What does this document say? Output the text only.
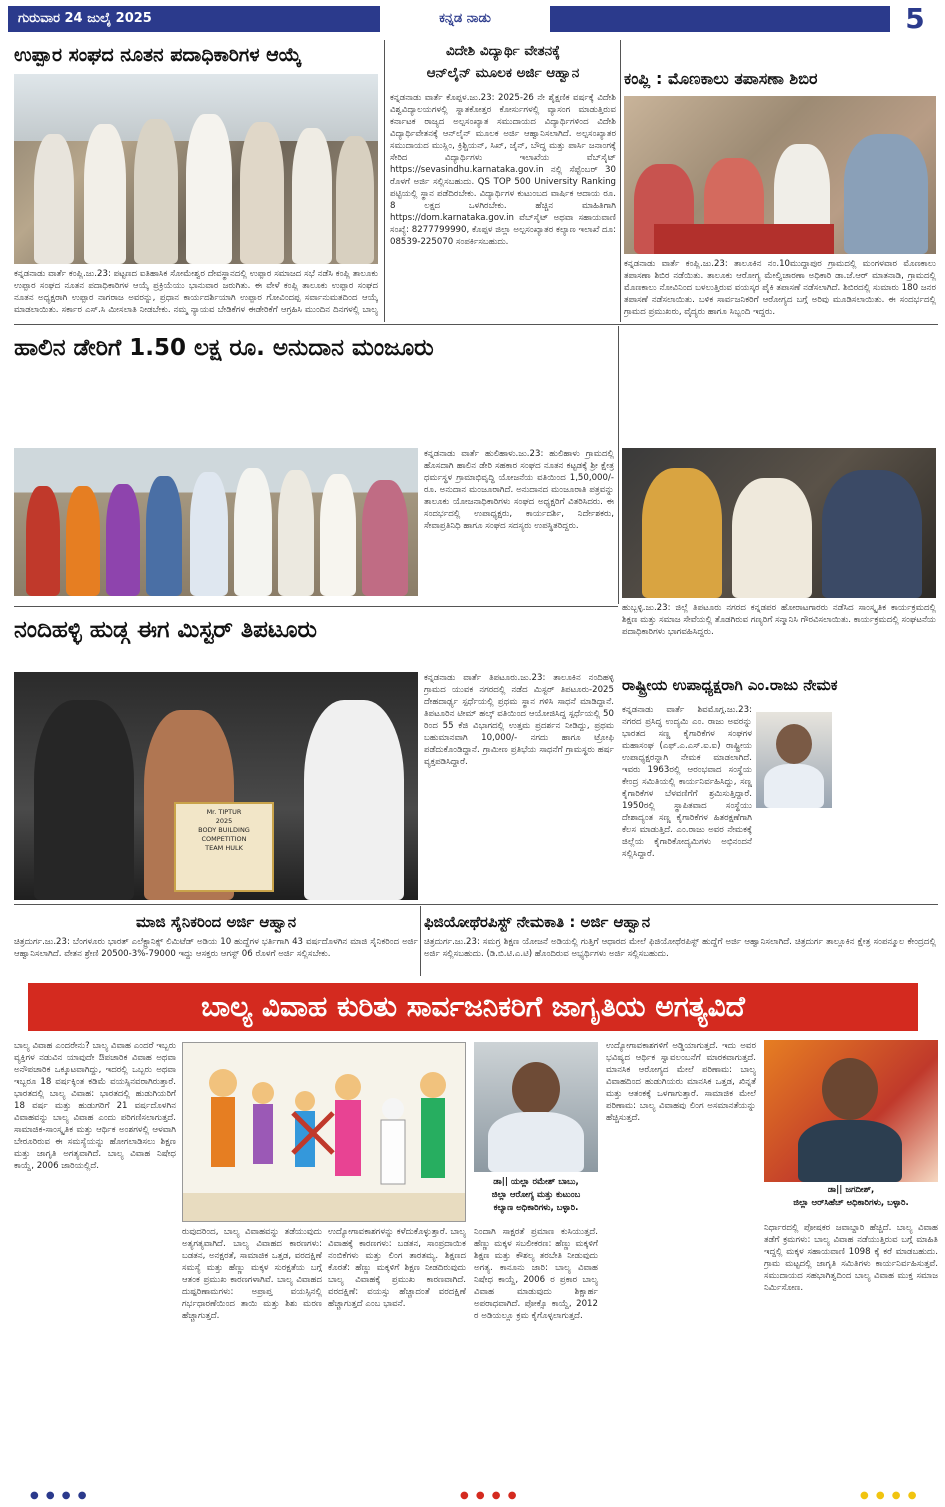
ಗುರುವಾರ 24 ಜುಲೈ 2025	ಕನ್ನಡ ನಾಡು	5
ಉಪ್ಪಾರ ಸಂಘದ ನೂತನ ಪದಾಧಿಕಾರಿಗಳ ಆಯ್ಕೆ
ಕನ್ನಡನಾಡು ವಾರ್ತೆ ಕಂಪ್ಲಿ.ಜು.23: ಪಟ್ಟಣದ ಐತಿಹಾಸಿಕ ಸೋಮೇಶ್ವರ ದೇವಸ್ಥಾನದಲ್ಲಿ ಉಪ್ಪಾರ ಸಮಾಜದ ಸಭೆ ನಡೆಸಿ ಕಂಪ್ಲಿ ತಾಲೂಕು ಉಪ್ಪಾರ ಸಂಘದ ನೂತನ ಪದಾಧಿಕಾರಿಗಳ ಆಯ್ಕೆ ಪ್ರಕ್ರಿಯೆಯು ಭಾನುವಾರ ಜರುಗಿತು. ಈ ವೇಳೆ ಕಂಪ್ಲಿ ತಾಲೂಕು ಉಪ್ಪಾರ ಸಂಘದ ನೂತನ ಅಧ್ಯಕ್ಷರಾಗಿ ಉಪ್ಪಾರ ನಾಗರಾಜ ಅವರನ್ನು, ಪ್ರಧಾನ ಕಾರ್ಯದರ್ಶಿಯಾಗಿ ಉಪ್ಪಾರ ಗೋವಿಂದಪ್ಪ ಸರ್ವಾನುಮತದಿಂದ ಆಯ್ಕೆ ಮಾಡಲಾಯಿತು. ಸರ್ಕಾರ ಎಸ್.ಸಿ ಮೀಸಲಾತಿ ನೀಡಬೇಕು. ನಮ್ಮ ನ್ಯಾಯವ ಬೇಡಿಕೆಗಳ ಈಡೇರಿಕೆಗೆ ಆಗ್ರಹಿಸಿ ಮುಂದಿನ ದಿನಗಳಲ್ಲಿ ಬಾಲ್ಯ
ವಿದೇಶಿ ವಿದ್ಯಾರ್ಥಿ ವೇತನಕ್ಕೆ
ಆನ್‌ಲೈನ್ ಮೂಲಕ ಅರ್ಜಿ ಆಹ್ವಾನ
ಕನ್ನಡನಾಡು ವಾರ್ತೆ ಕೊಪ್ಪಳ.ಜು.23: 2025-26 ನೇ ಶೈಕ್ಷಣಿಕ ವರ್ಷಕ್ಕೆ ವಿದೇಶಿ ವಿಶ್ವವಿದ್ಯಾಲಯಗಳಲ್ಲಿ ಸ್ನಾತಕೋತ್ತರ ಕೋರ್ಸುಗಳಲ್ಲಿ ವ್ಯಾಸಂಗ ಮಾಡುತ್ತಿರುವ ಕರ್ನಾಟಕ ರಾಜ್ಯದ ಅಲ್ಪಸಂಖ್ಯಾತ ಸಮುದಾಯದ ವಿದ್ಯಾರ್ಥಿಗಳಿಂದ ವಿದೇಶಿ ವಿದ್ಯಾರ್ಥಿವೇತನಕ್ಕೆ ಆನ್‌ಲೈನ್ ಮೂಲಕ ಅರ್ಜಿ ಆಹ್ವಾನಿಸಲಾಗಿದೆ. ಅಲ್ಪಸಂಖ್ಯಾತರ ಸಮುದಾಯದ ಮುಸ್ಲಿಂ, ಕ್ರಿಶ್ಚಿಯನ್, ಸಿಖ್, ಜೈನ್, ಬೌದ್ಧ ಮತ್ತು ಪಾರ್ಸಿ ಜನಾಂಗಕ್ಕೆ ಸೇರಿದ ವಿದ್ಯಾರ್ಥಿಗಳು ಇಲಾಖೆಯ ವೆಬ್‌ಸೈಟ್ https://sevasindhu.karnataka.gov.in ನಲ್ಲಿ ಸೆಪ್ಟೆಂಬರ್ 30 ರೊಳಗೆ ಅರ್ಜಿ ಸಲ್ಲಿಸಬಹುದು. QS TOP 500 University Ranking ಪಟ್ಟಿಯಲ್ಲಿ ಸ್ಥಾನ ಪಡೆದಿರಬೇಕು. ವಿದ್ಯಾರ್ಥಿಗಳ ಕುಟುಂಬದ ವಾರ್ಷಿಕ ಆದಾಯ ರೂ. 8 ಲಕ್ಷದ ಒಳಗಿರಬೇಕು. ಹೆಚ್ಚಿನ ಮಾಹಿತಿಗಾಗಿ https://dom.karnataka.gov.in ವೆಬ್‌ಸೈಟ್ ಅಥವಾ ಸಹಾಯವಾಣಿ ಸಂಖ್ಯೆ: 8277799990, ಕೊಪ್ಪಳ ಜಿಲ್ಲಾ ಅಲ್ಪಸಂಖ್ಯಾತರ ಕಲ್ಯಾಣ ಇಲಾಖೆ ದೂ: 08539-225070 ಸಂಪರ್ಕಿಸಬಹುದು.
ಕಂಪ್ಲಿ : ಮೊಣಕಾಲು ತಪಾಸಣಾ ಶಿಬಿರ
ಕನ್ನಡನಾಡು ವಾರ್ತೆ ಕಂಪ್ಲಿ.ಜು.23: ತಾಲೂಕಿನ ನಂ.10ಮುದ್ದಾಪುರ ಗ್ರಾಮದಲ್ಲಿ ಮಂಗಳವಾರ ಮೊಣಕಾಲು ತಪಾಸಣಾ ಶಿಬಿರ ನಡೆಯಿತು. ತಾಲೂಕು ಆರೋಗ್ಯ ಮೇಲ್ವಿಚಾರಣಾ ಅಧಿಕಾರಿ ಡಾ.ಜೆ.ಆರ್ ಮಾತನಾಡಿ, ಗ್ರಾಮದಲ್ಲಿ ಮೊಣಕಾಲು ನೋವಿನಿಂದ ಬಳಲುತ್ತಿರುವ ವಯಸ್ಕರ ಪೈಕಿ ತಪಾಸಣೆ ನಡೆಸಲಾಗಿದೆ. ಶಿಬಿರದಲ್ಲಿ ಸುಮಾರು 180 ಜನರ ತಪಾಸಣೆ ನಡೆಸಲಾಯಿತು. ಬಳಿಕ ಸಾರ್ವಜನಿಕರಿಗೆ ಆರೋಗ್ಯದ ಬಗ್ಗೆ ಅರಿವು ಮೂಡಿಸಲಾಯಿತು. ಈ ಸಂದರ್ಭದಲ್ಲಿ ಗ್ರಾಮದ ಪ್ರಮುಖರು, ವೈದ್ಯರು ಹಾಗೂ ಸಿಬ್ಬಂದಿ ಇದ್ದರು.
ಹಾಲಿನ ಡೇರಿಗೆ 1.50 ಲಕ್ಷ ರೂ. ಅನುದಾನ ಮಂಜೂರು
ಕನ್ನಡನಾಡು ವಾರ್ತೆ ಹುಲಿಹಾಳು.ಜು.23: ಹುಲಿಹಾಳು ಗ್ರಾಮದಲ್ಲಿ ಹೊಸದಾಗಿ ಹಾಲಿನ ಡೇರಿ ಸಹಕಾರ ಸಂಘದ ನೂತನ ಕಟ್ಟಡಕ್ಕೆ ಶ್ರೀ ಕ್ಷೇತ್ರ ಧರ್ಮಸ್ಥಳ ಗ್ರಾಮಾಭಿವೃದ್ಧಿ ಯೋಜನೆಯ ವತಿಯಿಂದ 1,50,000/- ರೂ. ಅನುದಾನ ಮಂಜೂರಾಗಿದೆ. ಅನುದಾನದ ಮಂಜೂರಾತಿ ಪತ್ರವನ್ನು ತಾಲೂಕು ಯೋಜನಾಧಿಕಾರಿಗಳು ಸಂಘದ ಅಧ್ಯಕ್ಷರಿಗೆ ವಿತರಿಸಿದರು. ಈ ಸಂದರ್ಭದಲ್ಲಿ ಉಪಾಧ್ಯಕ್ಷರು, ಕಾರ್ಯದರ್ಶಿ, ನಿರ್ದೇಶಕರು, ಸೇವಾಪ್ರತಿನಿಧಿ ಹಾಗೂ ಸಂಘದ ಸದಸ್ಯರು ಉಪಸ್ಥಿತರಿದ್ದರು.
ಹುಬ್ಬಳ್ಳಿ.ಜು.23: ಜಿಲ್ಲೆ ತಿಪಟೂರು ನಗರದ ಕನ್ನಡಪರ ಹೋರಾಟಗಾರರು ನಡೆಸಿದ ಸಾಂಸ್ಕೃತಿಕ ಕಾರ್ಯಕ್ರಮದಲ್ಲಿ ಶಿಕ್ಷಣ ಮತ್ತು ಸಮಾಜ ಸೇವೆಯಲ್ಲಿ ತೊಡಗಿರುವ ಗಣ್ಯರಿಗೆ ಸನ್ಮಾನಿಸಿ ಗೌರವಿಸಲಾಯಿತು. ಕಾರ್ಯಕ್ರಮದಲ್ಲಿ ಸಂಘಟನೆಯ ಪದಾಧಿಕಾರಿಗಳು ಭಾಗವಹಿಸಿದ್ದರು.
ನಂದಿಹಳ್ಳಿ ಹುಡ್ಗ ಈಗ ಮಿಸ್ಟರ್ ತಿಪಟೂರು
Mr. TIPTUR
2025
BODY BUILDING COMPETITION
TEAM HULK
ಕನ್ನಡನಾಡು ವಾರ್ತೆ ತಿಪಟೂರು.ಜು.23: ತಾಲೂಕಿನ ನಂದಿಹಳ್ಳಿ ಗ್ರಾಮದ ಯುವಕ ನಗರದಲ್ಲಿ ನಡೆದ ಮಿಸ್ಟರ್ ತಿಪಟೂರು-2025 ದೇಹದಾರ್ಢ್ಯ ಸ್ಪರ್ಧೆಯಲ್ಲಿ ಪ್ರಥಮ ಸ್ಥಾನ ಗಳಿಸಿ ಸಾಧನೆ ಮಾಡಿದ್ದಾನೆ. ತಿಪಟೂರಿನ ಟೀಮ್ ಹಲ್ಕ್ ವತಿಯಿಂದ ಆಯೋಜಿಸಿದ್ದ ಸ್ಪರ್ಧೆಯಲ್ಲಿ 50 ರಿಂದ 55 ಕೆಜಿ ವಿಭಾಗದಲ್ಲಿ ಉತ್ತಮ ಪ್ರದರ್ಶನ ನೀಡಿದ್ದು, ಪ್ರಥಮ ಬಹುಮಾನವಾಗಿ 10,000/- ನಗದು ಹಾಗೂ ಟ್ರೋಫಿ ಪಡೆದುಕೊಂಡಿದ್ದಾನೆ. ಗ್ರಾಮೀಣ ಪ್ರತಿಭೆಯ ಸಾಧನೆಗೆ ಗ್ರಾಮಸ್ಥರು ಹರ್ಷ ವ್ಯಕ್ತಪಡಿಸಿದ್ದಾರೆ.
ರಾಷ್ಟ್ರೀಯ ಉಪಾಧ್ಯಕ್ಷರಾಗಿ ಎಂ.ರಾಜು ನೇಮಕ
ಕನ್ನಡನಾಡು ವಾರ್ತೆ ಶಿವಮೊಗ್ಗ.ಜು.23: ನಗರದ ಪ್ರಸಿದ್ಧ ಉದ್ಯಮಿ ಎಂ. ರಾಜು ಅವರನ್ನು ಭಾರತದ ಸಣ್ಣ ಕೈಗಾರಿಕೆಗಳ ಸಂಘಗಳ ಮಹಾಸಂಘ (ಎಫ್.ಎ.ಎಸ್.ಐ.ಐ) ರಾಷ್ಟ್ರೀಯ ಉಪಾಧ್ಯಕ್ಷರನ್ನಾಗಿ ನೇಮಕ ಮಾಡಲಾಗಿದೆ. ಇವರು 1963ರಲ್ಲಿ ಆರಂಭವಾದ ಸಂಸ್ಥೆಯ ಕೇಂದ್ರ ಸಮಿತಿಯಲ್ಲಿ ಕಾರ್ಯನಿರ್ವಹಿಸಿದ್ದು, ಸಣ್ಣ ಕೈಗಾರಿಕೆಗಳ ಬೆಳವಣಿಗೆಗೆ ಶ್ರಮಿಸುತ್ತಿದ್ದಾರೆ. 1950ರಲ್ಲಿ ಸ್ಥಾಪಿತವಾದ ಸಂಸ್ಥೆಯು ದೇಶಾದ್ಯಂತ ಸಣ್ಣ ಕೈಗಾರಿಕೆಗಳ ಹಿತರಕ್ಷಣೆಗಾಗಿ ಕೆಲಸ ಮಾಡುತ್ತಿದೆ. ಎಂ.ರಾಜು ಅವರ ನೇಮಕಕ್ಕೆ ಜಿಲ್ಲೆಯ ಕೈಗಾರಿಕೋದ್ಯಮಿಗಳು ಅಭಿನಂದನೆ ಸಲ್ಲಿಸಿದ್ದಾರೆ.
ಮಾಜಿ ಸೈನಿಕರಿಂದ ಅರ್ಜಿ ಆಹ್ವಾನ
ಚಿತ್ರದುರ್ಗ.ಜು.23: ಬೆಂಗಳೂರು ಭಾರತ್ ಎಲೆಕ್ಟ್ರಾನಿಕ್ಸ್ ಲಿಮಿಟೆಡ್ ಅಡಿಯ 10 ಹುದ್ದೆಗಳ ಭರ್ತಿಗಾಗಿ 43 ವರ್ಷದೊಳಗಿನ ಮಾಜಿ ಸೈನಿಕರಿಂದ ಅರ್ಜಿ ಆಹ್ವಾನಿಸಲಾಗಿದೆ. ವೇತನ ಶ್ರೇಣಿ 20500-3%-79000 ಇದ್ದು ಆಸಕ್ತರು ಆಗಸ್ಟ್ 06 ರೊಳಗೆ ಅರ್ಜಿ ಸಲ್ಲಿಸಬೇಕು.
ಫಿಜಿಯೋಥೆರಪಿಸ್ಟ್ ನೇಮಕಾತಿ : ಅರ್ಜಿ ಆಹ್ವಾನ
ಚಿತ್ರದುರ್ಗ.ಜು.23: ಸಮಗ್ರ ಶಿಕ್ಷಣ ಯೋಜನೆ ಅಡಿಯಲ್ಲಿ ಗುತ್ತಿಗೆ ಆಧಾರದ ಮೇಲೆ ಫಿಜಿಯೋಥೆರಪಿಸ್ಟ್ ಹುದ್ದೆಗೆ ಅರ್ಜಿ ಆಹ್ವಾನಿಸಲಾಗಿದೆ. ಚಿತ್ರದುರ್ಗ ತಾಲ್ಲೂಕಿನ ಕ್ಷೇತ್ರ ಸಂಪನ್ಮೂಲ ಕೇಂದ್ರದಲ್ಲಿ ಅರ್ಜಿ ಸಲ್ಲಿಸಬಹುದು. (ಡಿ.ಬಿ.ಟಿ.ಎ.ಟಿ) ಹೊಂದಿರುವ ಅಭ್ಯರ್ಥಿಗಳು ಅರ್ಜಿ ಸಲ್ಲಿಸಬಹುದು.
ಬಾಲ್ಯ ವಿವಾಹ ಕುರಿತು ಸಾರ್ವಜನಿಕರಿಗೆ ಜಾಗೃತಿಯ ಅಗತ್ಯವಿದೆ
ಬಾಲ್ಯ ವಿವಾಹ ಎಂದರೇನು? ಬಾಲ್ಯ ವಿವಾಹ ಎಂದರೆ ಇಬ್ಬರು ವ್ಯಕ್ತಿಗಳ ನಡುವಿನ ಯಾವುದೇ ಔಪಚಾರಿಕ ವಿವಾಹ ಅಥವಾ ಅನೌಪಚಾರಿಕ ಒಕ್ಕೂಟವಾಗಿದ್ದು, ಇದರಲ್ಲಿ ಒಬ್ಬರು ಅಥವಾ ಇಬ್ಬರೂ 18 ವರ್ಷಕ್ಕಿಂತ ಕಡಿಮೆ ವಯಸ್ಸಿನವರಾಗಿರುತ್ತಾರೆ. ಭಾರತದಲ್ಲಿ ಬಾಲ್ಯ ವಿವಾಹ: ಭಾರತದಲ್ಲಿ ಹುಡುಗಿಯರಿಗೆ 18 ವರ್ಷ ಮತ್ತು ಹುಡುಗರಿಗೆ 21 ವರ್ಷದೊಳಗಿನ ವಿವಾಹವನ್ನು ಬಾಲ್ಯ ವಿವಾಹ ಎಂದು ಪರಿಗಣಿಸಲಾಗುತ್ತದೆ. ಸಾಮಾಜಿಕ-ಸಾಂಸ್ಕೃತಿಕ ಮತ್ತು ಆರ್ಥಿಕ ಅಂಶಗಳಲ್ಲಿ ಆಳವಾಗಿ ಬೇರೂರಿರುವ ಈ ಸಮಸ್ಯೆಯನ್ನು ಹೋಗಲಾಡಿಸಲು ಶಿಕ್ಷಣ ಮತ್ತು ಜಾಗೃತಿ ಅಗತ್ಯವಾಗಿದೆ. ಬಾಲ್ಯ ವಿವಾಹ ನಿಷೇಧ ಕಾಯ್ದೆ, 2006 ಜಾರಿಯಲ್ಲಿದೆ.
ಡಾ|| ಯಲ್ಲಾ ರಮೇಶ್ ಬಾಬು,
ಜಿಲ್ಲಾ ಆರೋಗ್ಯ ಮತ್ತು ಕುಟುಂಬ
ಕಲ್ಯಾಣ ಅಧಿಕಾರಿಗಳು, ಬಳ್ಳಾರಿ.
ಉದ್ಯೋಗಾವಕಾಶಗಳಿಗೆ ಅಡ್ಡಿಯಾಗುತ್ತದೆ. ಇದು ಅವರ ಭವಿಷ್ಯದ ಆರ್ಥಿಕ ಸ್ವಾವಲಂಬನೆಗೆ ಮಾರಕವಾಗುತ್ತದೆ. ಮಾನಸಿಕ ಆರೋಗ್ಯದ ಮೇಲೆ ಪರಿಣಾಮ: ಬಾಲ್ಯ ವಿವಾಹದಿಂದ ಹುಡುಗಿಯರು ಮಾನಸಿಕ ಒತ್ತಡ, ಖಿನ್ನತೆ ಮತ್ತು ಆತಂಕಕ್ಕೆ ಒಳಗಾಗುತ್ತಾರೆ. ಸಾಮಾಜಿಕ ಮೇಲೆ ಪರಿಣಾಮ: ಬಾಲ್ಯ ವಿವಾಹವು ಲಿಂಗ ಅಸಮಾನತೆಯನ್ನು ಹೆಚ್ಚಿಸುತ್ತದೆ.
ಡಾ|| ಜಗದೀಶ್,
ಜಿಲ್ಲಾ ಆರ್‌ಸಿಹೆಚ್ ಅಧಿಕಾರಿಗಳು, ಬಳ್ಳಾರಿ.
ರುವುದರಿಂದ, ಬಾಲ್ಯ ವಿವಾಹವನ್ನು ತಡೆಯುವುದು ಅತ್ಯಗತ್ಯವಾಗಿದೆ. ಬಾಲ್ಯ ವಿವಾಹದ ಕಾರಣಗಳು: ಬಡತನ, ಅನಕ್ಷರತೆ, ಸಾಮಾಜಿಕ ಒತ್ತಡ, ವರದಕ್ಷಿಣೆ ಸಮಸ್ಯೆ ಮತ್ತು ಹೆಣ್ಣು ಮಕ್ಕಳ ಸುರಕ್ಷತೆಯ ಬಗ್ಗೆ ಆತಂಕ ಪ್ರಮುಖ ಕಾರಣಗಳಾಗಿವೆ. ಬಾಲ್ಯ ವಿವಾಹದ ದುಷ್ಪರಿಣಾಮಗಳು: ಅಪ್ರಾಪ್ತ ವಯಸ್ಸಿನಲ್ಲಿ ಗರ್ಭಧಾರಣೆಯಿಂದ ತಾಯಿ ಮತ್ತು ಶಿಶು ಮರಣ ಹೆಚ್ಚಾಗುತ್ತದೆ.
ಉದ್ಯೋಗಾವಕಾಶಗಳನ್ನು ಕಳೆದುಕೊಳ್ಳುತ್ತಾರೆ. ಬಾಲ್ಯ ವಿವಾಹಕ್ಕೆ ಕಾರಣಗಳು: ಬಡತನ, ಸಾಂಪ್ರದಾಯಿಕ ನಂಬಿಕೆಗಳು ಮತ್ತು ಲಿಂಗ ತಾರತಮ್ಯ. ಶಿಕ್ಷಣದ ಕೊರತೆ: ಹೆಣ್ಣು ಮಕ್ಕಳಿಗೆ ಶಿಕ್ಷಣ ನೀಡದಿರುವುದು ಬಾಲ್ಯ ವಿವಾಹಕ್ಕೆ ಪ್ರಮುಖ ಕಾರಣವಾಗಿದೆ. ವರದಕ್ಷಿಣೆ: ವಯಸ್ಸು ಹೆಚ್ಚಾದಂತೆ ವರದಕ್ಷಿಣೆ ಹೆಚ್ಚಾಗುತ್ತದೆ ಎಂಬ ಭಾವನೆ.
ನಿಂದಾಗಿ ಸಾಕ್ಷರತೆ ಪ್ರಮಾಣ ಕುಸಿಯುತ್ತದೆ. ಹೆಣ್ಣು ಮಕ್ಕಳ ಸಬಲೀಕರಣ: ಹೆಣ್ಣು ಮಕ್ಕಳಿಗೆ ಶಿಕ್ಷಣ ಮತ್ತು ಕೌಶಲ್ಯ ತರಬೇತಿ ನೀಡುವುದು ಅಗತ್ಯ. ಕಾನೂನು ಜಾರಿ: ಬಾಲ್ಯ ವಿವಾಹ ನಿಷೇಧ ಕಾಯ್ದೆ, 2006 ರ ಪ್ರಕಾರ ಬಾಲ್ಯ ವಿವಾಹ ಮಾಡುವುದು ಶಿಕ್ಷಾರ್ಹ ಅಪರಾಧವಾಗಿದೆ. ಪೋಕ್ಸೊ ಕಾಯ್ದೆ, 2012 ರ ಅಡಿಯಲ್ಲೂ ಕ್ರಮ ಕೈಗೊಳ್ಳಲಾಗುತ್ತದೆ.
ನಿರ್ಧಾರದಲ್ಲಿ ಪೋಷಕರ ಜವಾಬ್ದಾರಿ ಹೆಚ್ಚಿದೆ. ಬಾಲ್ಯ ವಿವಾಹ ತಡೆಗೆ ಕ್ರಮಗಳು: ಬಾಲ್ಯ ವಿವಾಹ ನಡೆಯುತ್ತಿರುವ ಬಗ್ಗೆ ಮಾಹಿತಿ ಇದ್ದಲ್ಲಿ ಮಕ್ಕಳ ಸಹಾಯವಾಣಿ 1098 ಕ್ಕೆ ಕರೆ ಮಾಡಬಹುದು. ಗ್ರಾಮ ಮಟ್ಟದಲ್ಲಿ ಜಾಗೃತಿ ಸಮಿತಿಗಳು ಕಾರ್ಯನಿರ್ವಹಿಸುತ್ತವೆ. ಸಮುದಾಯದ ಸಹಭಾಗಿತ್ವದಿಂದ ಬಾಲ್ಯ ವಿವಾಹ ಮುಕ್ತ ಸಮಾಜ ನಿರ್ಮಿಸೋಣ.
● ● ● ●	● ● ● ●	● ● ● ●
